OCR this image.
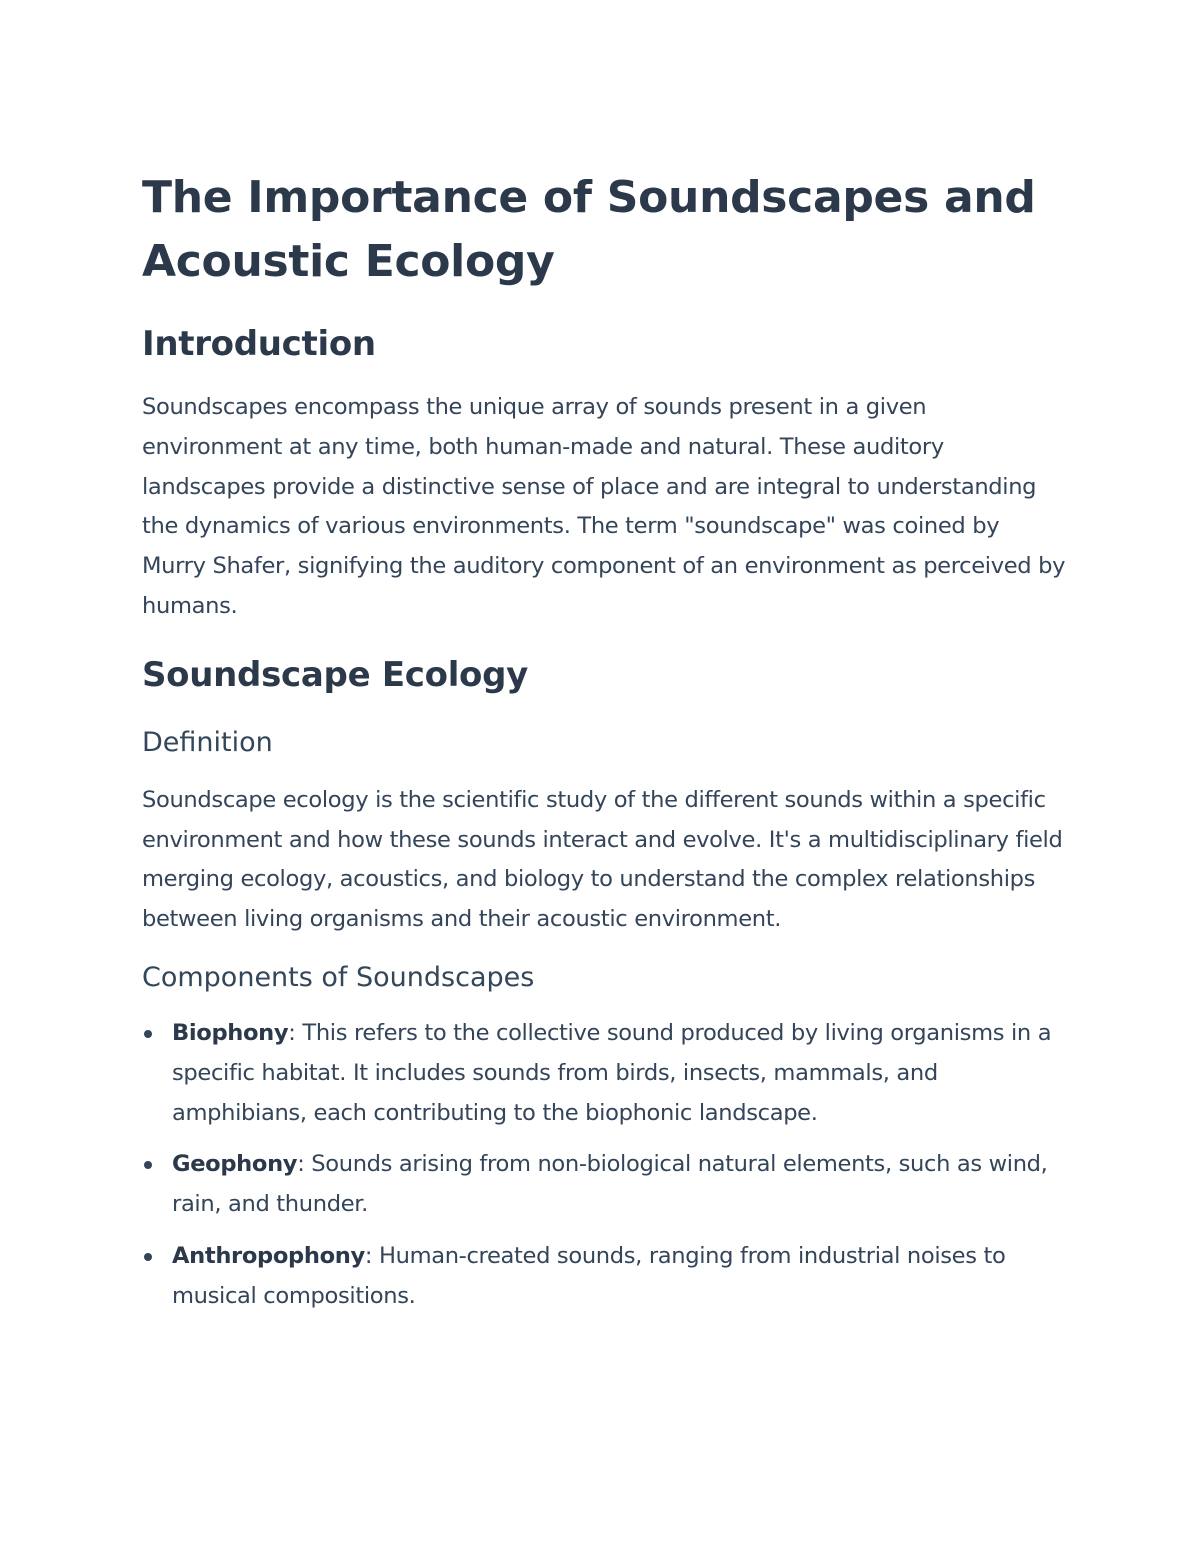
The Importance of Soundscapes and Acoustic Ecology
Introduction

Soundscapes encompass the unique array of sounds present in a given environment at any time, both human-made and natural. These auditory landscapes provide a distinctive sense of place and are integral to understanding the dynamics of various environments. The term "soundscape" was coined by Murry Shafer, signifying the auditory component of an environment as perceived by humans.

Soundscape Ecology
Definition

Soundscape ecology is the scientific study of the different sounds within a specific environment and how these sounds interact and evolve. It's a multidisciplinary field merging ecology, acoustics, and biology to understand the complex relationships between living organisms and their acoustic environment.

Components of Soundscapes
Biophony: This refers to the collective sound produced by living organisms in a specific habitat. It includes sounds from birds, insects, mammals, and amphibians, each contributing to the biophonic landscape.
Geophony: Sounds arising from non-biological natural elements, such as wind, rain, and thunder.
Anthropophony: Human-created sounds, ranging from industrial noises to musical compositions.
